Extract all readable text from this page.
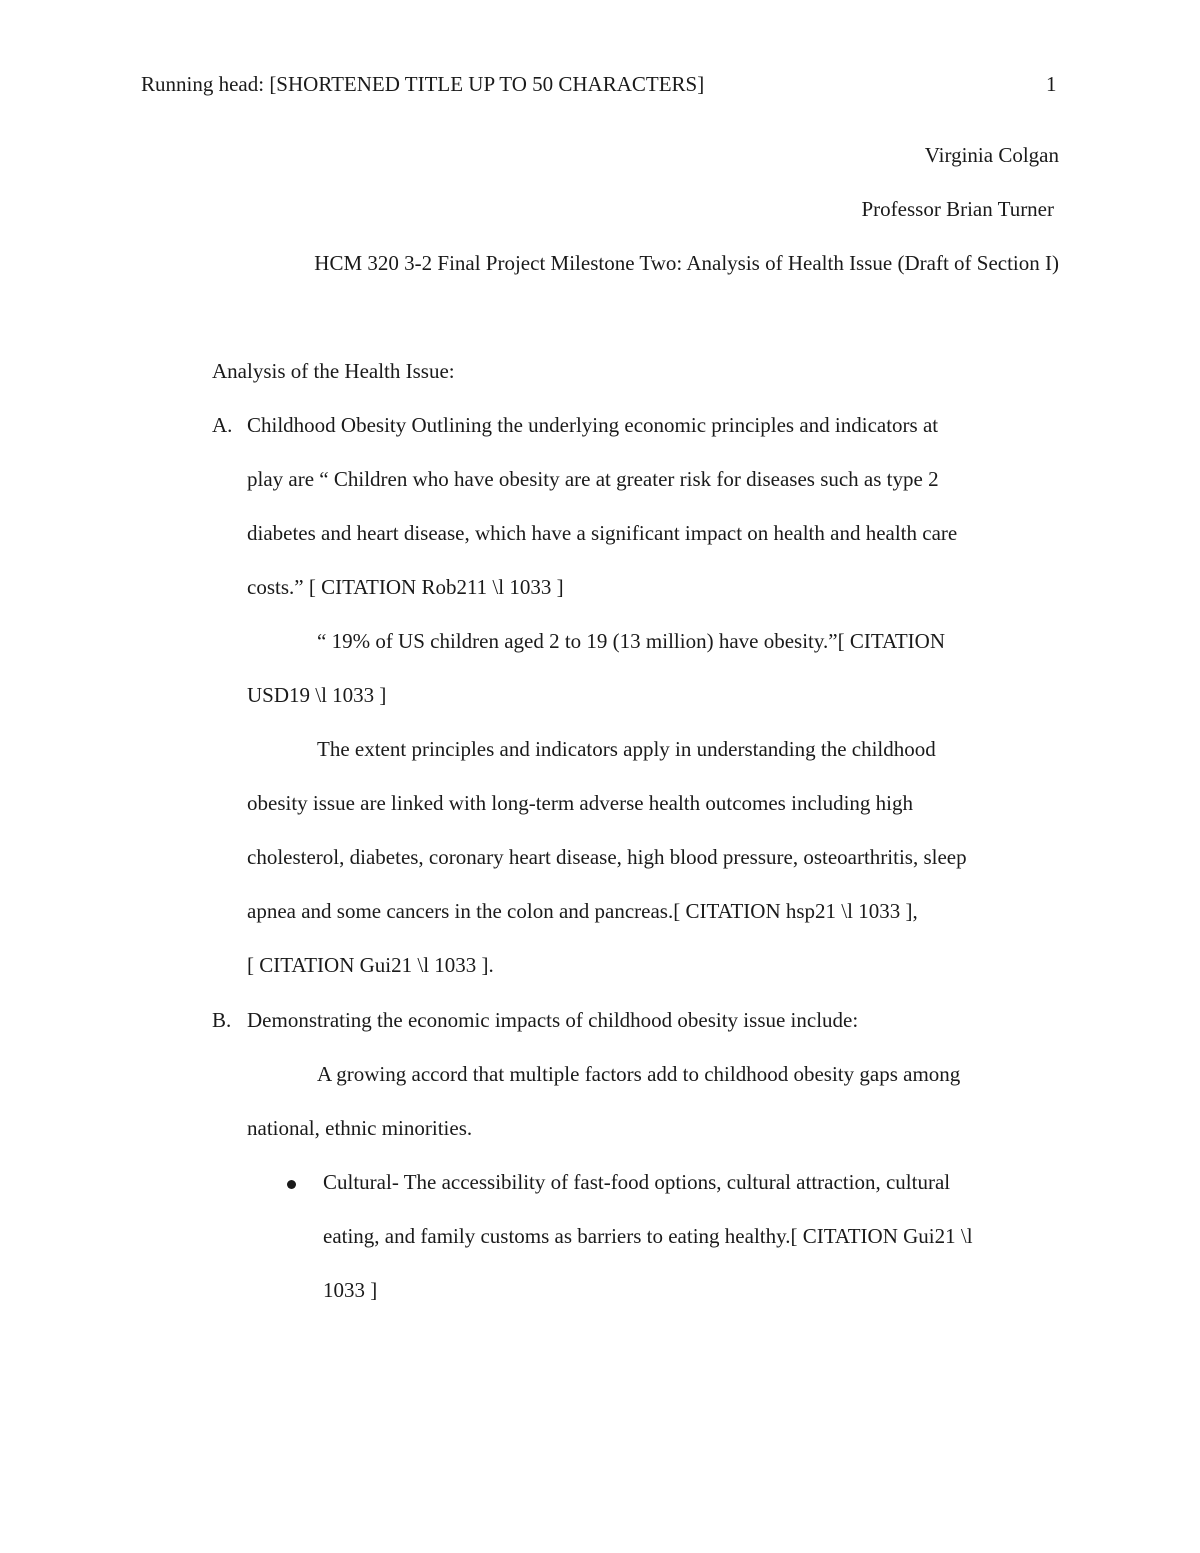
Running head: [SHORTENED TITLE UP TO 50 CHARACTERS]	1
Virginia Colgan
Professor Brian Turner
HCM 320 3-2 Final Project Milestone Two: Analysis of Health Issue (Draft of Section I)
Analysis of the Health Issue:
A. Childhood Obesity Outlining the underlying economic principles and indicators at
play are “ Children who have obesity are at greater risk for diseases such as type 2
diabetes and heart disease, which have a significant impact on health and health care
costs.” [ CITATION Rob211 \l 1033 ]
“ 19% of US children aged 2 to 19 (13 million) have obesity.”[ CITATION
USD19 \l 1033 ]
The extent principles and indicators apply in understanding the childhood
obesity issue are linked with long-term adverse health outcomes including high
cholesterol, diabetes, coronary heart disease, high blood pressure, osteoarthritis, sleep
apnea and some cancers in the colon and pancreas.[ CITATION hsp21 \l 1033 ],
[ CITATION Gui21 \l 1033 ].
B. Demonstrating the economic impacts of childhood obesity issue include:
A growing accord that multiple factors add to childhood obesity gaps among
national, ethnic minorities.
Cultural- The accessibility of fast-food options, cultural attraction, cultural
eating, and family customs as barriers to eating healthy.[ CITATION Gui21 \l
1033 ]
